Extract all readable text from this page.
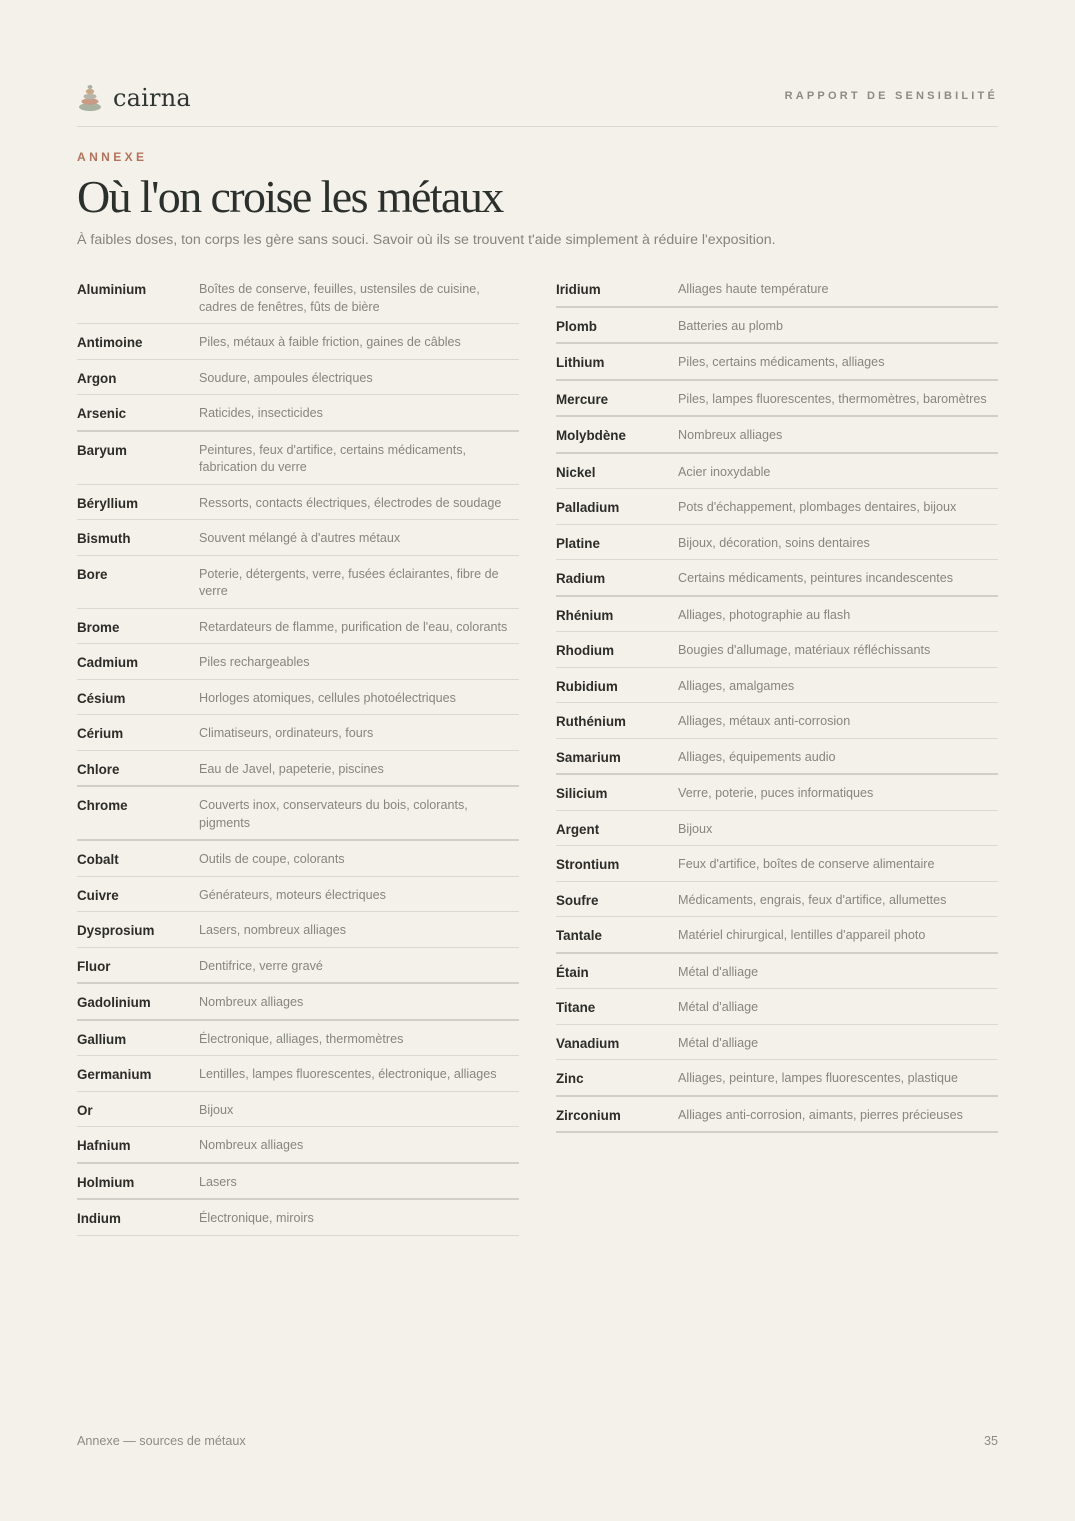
cairna	RAPPORT DE SENSIBILITÉ
ANNEXE
Où l'on croise les métaux
À faibles doses, ton corps les gère sans souci. Savoir où ils se trouvent t'aide simplement à réduire l'exposition.
Aluminium	Boîtes de conserve, feuilles, ustensiles de cuisine, cadres de fenêtres, fûts de bière
Antimoine	Piles, métaux à faible friction, gaines de câbles
Argon	Soudure, ampoules électriques
Arsenic	Raticides, insecticides
Baryum	Peintures, feux d'artifice, certains médicaments, fabrication du verre
Béryllium	Ressorts, contacts électriques, électrodes de soudage
Bismuth	Souvent mélangé à d'autres métaux
Bore	Poterie, détergents, verre, fusées éclairantes, fibre de verre
Brome	Retardateurs de flamme, purification de l'eau, colorants
Cadmium	Piles rechargeables
Césium	Horloges atomiques, cellules photoélectriques
Cérium	Climatiseurs, ordinateurs, fours
Chlore	Eau de Javel, papeterie, piscines
Chrome	Couverts inox, conservateurs du bois, colorants, pigments
Cobalt	Outils de coupe, colorants
Cuivre	Générateurs, moteurs électriques
Dysprosium	Lasers, nombreux alliages
Fluor	Dentifrice, verre gravé
Gadolinium	Nombreux alliages
Gallium	Électronique, alliages, thermomètres
Germanium	Lentilles, lampes fluorescentes, électronique, alliages
Or	Bijoux
Hafnium	Nombreux alliages
Holmium	Lasers
Indium	Électronique, miroirs
Iridium	Alliages haute température
Plomb	Batteries au plomb
Lithium	Piles, certains médicaments, alliages
Mercure	Piles, lampes fluorescentes, thermomètres, baromètres
Molybdène	Nombreux alliages
Nickel	Acier inoxydable
Palladium	Pots d'échappement, plombages dentaires, bijoux
Platine	Bijoux, décoration, soins dentaires
Radium	Certains médicaments, peintures incandescentes
Rhénium	Alliages, photographie au flash
Rhodium	Bougies d'allumage, matériaux réfléchissants
Rubidium	Alliages, amalgames
Ruthénium	Alliages, métaux anti-corrosion
Samarium	Alliages, équipements audio
Silicium	Verre, poterie, puces informatiques
Argent	Bijoux
Strontium	Feux d'artifice, boîtes de conserve alimentaire
Soufre	Médicaments, engrais, feux d'artifice, allumettes
Tantale	Matériel chirurgical, lentilles d'appareil photo
Étain	Métal d'alliage
Titane	Métal d'alliage
Vanadium	Métal d'alliage
Zinc	Alliages, peinture, lampes fluorescentes, plastique
Zirconium	Alliages anti-corrosion, aimants, pierres précieuses
Annexe — sources de métaux	35
